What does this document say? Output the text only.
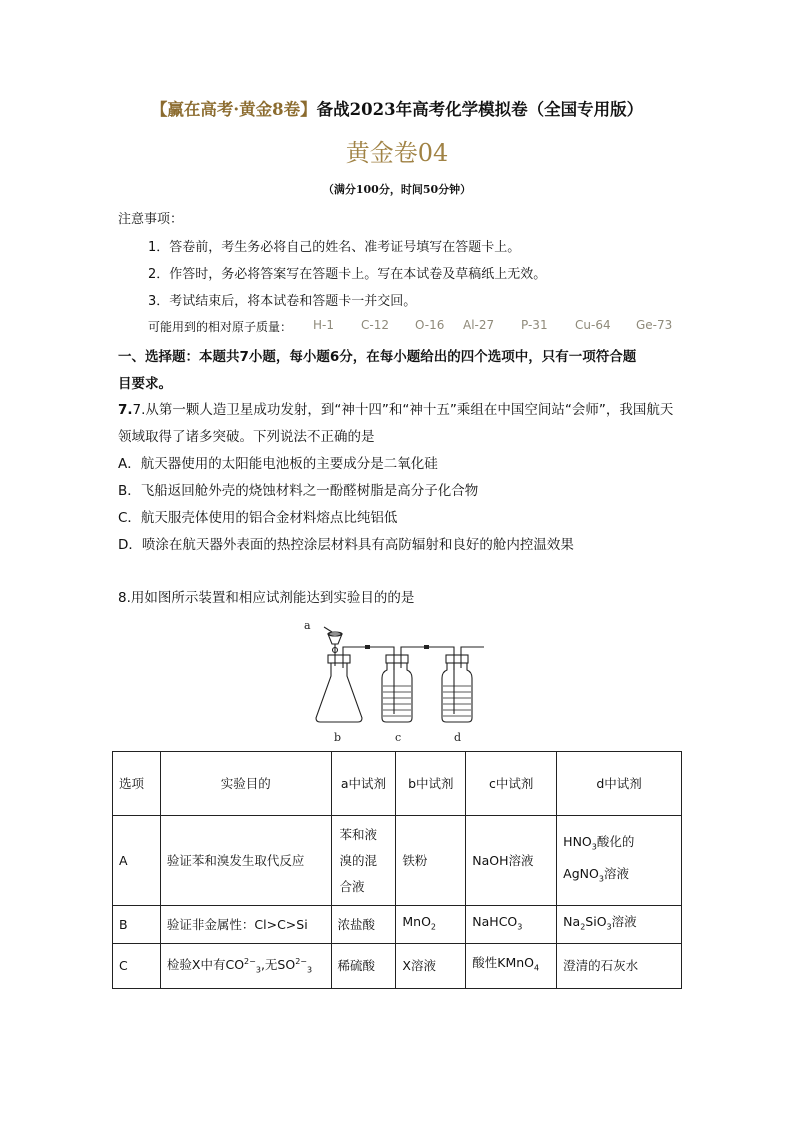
【赢在高考·黄金8卷】备战2023年高考化学模拟卷（全国专用版）
黄金卷04
（满分100分，时间50分钟）
注意事项：
1．答卷前，考生务必将自己的姓名、准考证号填写在答题卡上。
2．作答时，务必将答案写在答题卡上。写在本试卷及草稿纸上无效。
3．考试结束后，将本试卷和答题卡一并交回。
可能用到的相对原子质量： H-1 C-12 O-16 Al-27 P-31 Cu-64 Ge-73
一、选择题：本题共7小题，每小题6分，在每小题给出的四个选项中，只有一项符合题
目要求。
7.7.从第一颗人造卫星成功发射，到“神十四”和“神十五”乘组在中国空间站“会师”，我国航天
领域取得了诸多突破。下列说法不正确的是
A．航天器使用的太阳能电池板的主要成分是二氧化硅
B．飞船返回舱外壳的烧蚀材料之一酚醛树脂是高分子化合物
C．航天服壳体使用的铝合金材料熔点比纯铝低
D．喷涂在航天器外表面的热控涂层材料具有高防辐射和良好的舱内控温效果
8.用如图所示装置和相应试剂能达到实验目的的是
a
b	c	d
选项	实验目的	a中试剂	b中试剂	c中试剂	d中试剂
A	验证苯和溴发生取代反应	苯和液溴的混合液	铁粉	NaOH溶液	$HNO_3$酸化的
AgNO$_3$溶液
B	验证非金属性：Cl>C>Si	浓盐酸	MnO$_2$	NaHCO$_3$	$Na_2SiO_3$溶液
C	检验X中有$CO^{2-}_3$,无$SO^{2-}_3$	稀硫酸	X溶液	酸性KMnO$_4$	澄清的石灰水
